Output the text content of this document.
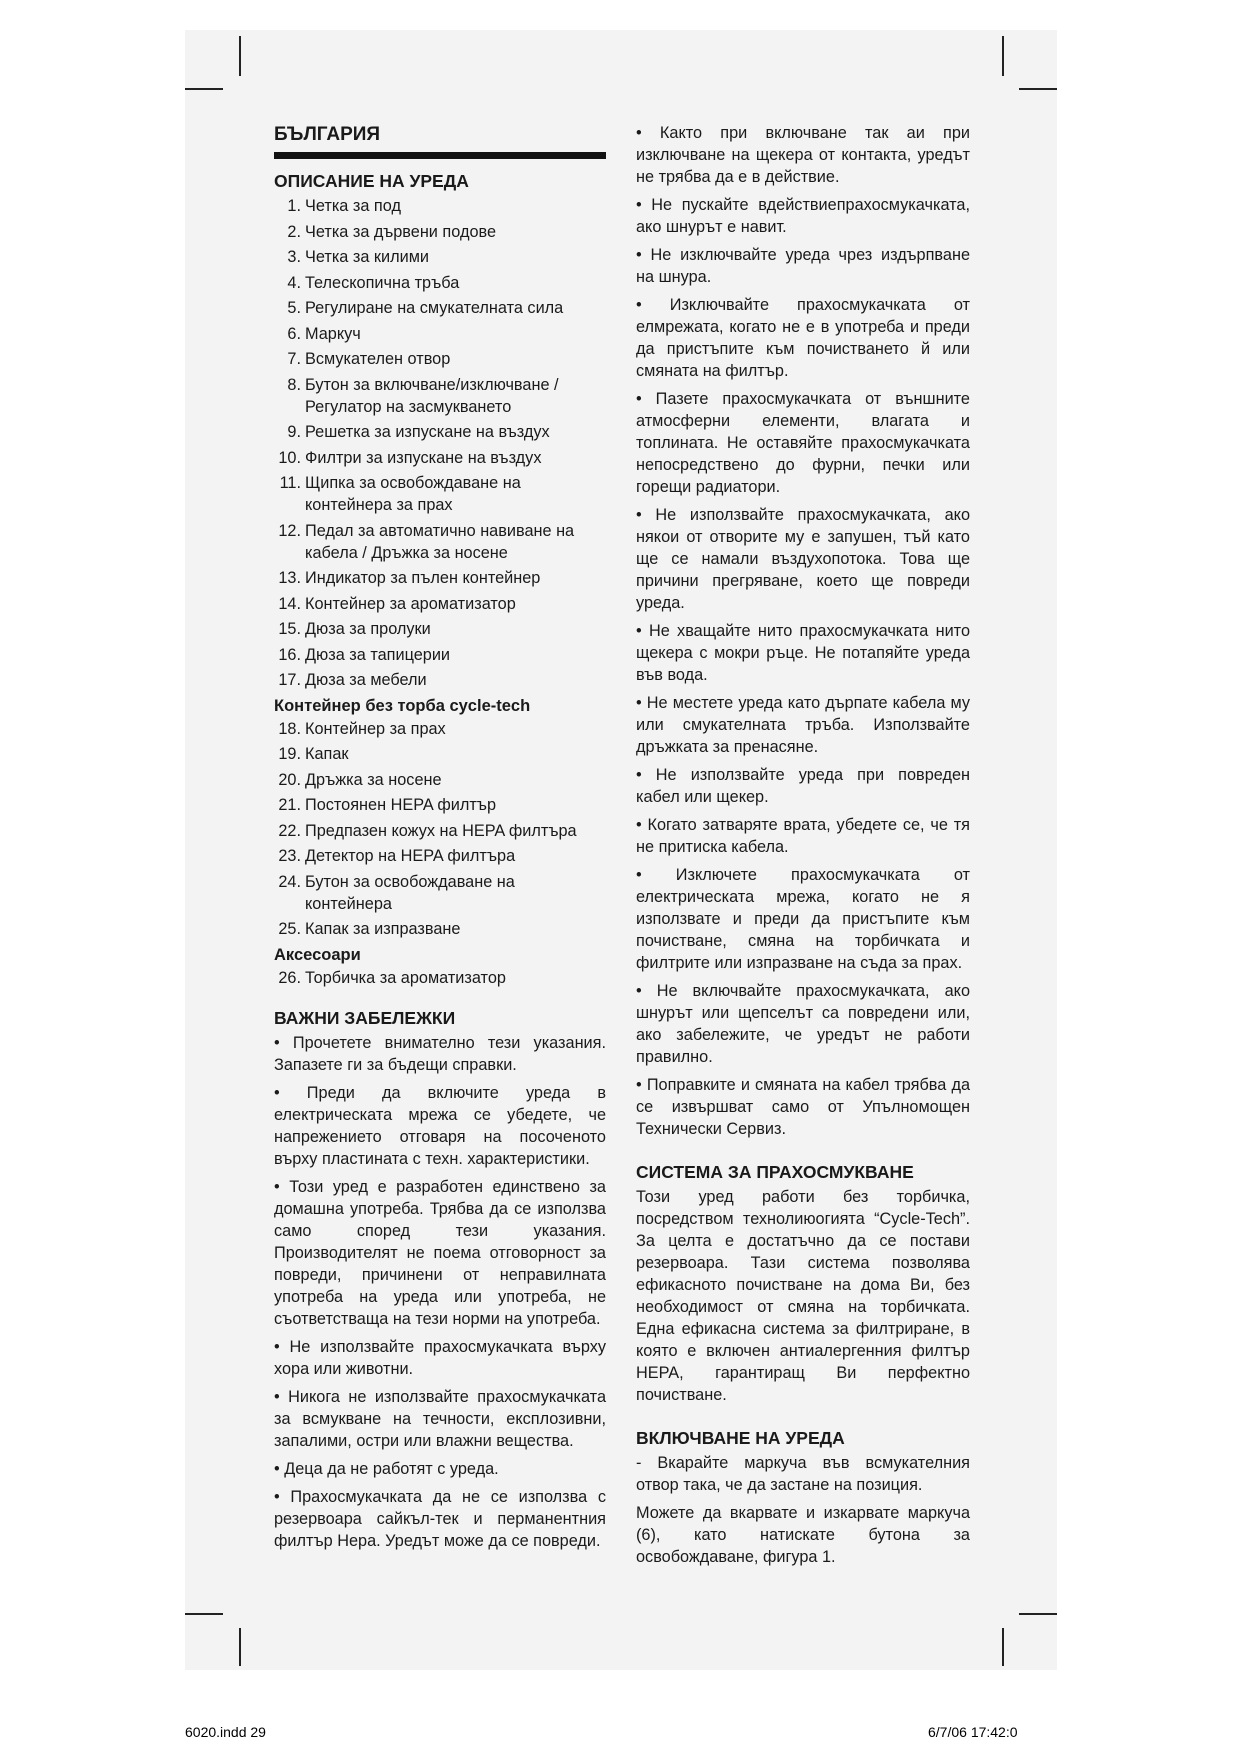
БЪЛГАРИЯ
ОПИСАНИЕ НА УРЕДА
1. Четка за под
2. Четка за дървени подове
3. Четка за килими
4. Телескопична тръба
5. Регулиране на смукателната сила
6. Маркуч
7. Всмукателен отвор
8. Бутон за включване/изключване / Регулатор на засмукването
9. Решетка за изпускане на въздух
10. Филтри за изпускане на въздух
11. Щипка за освобождаване на контейнера за прах
12. Педал за автоматично навиване на кабела / Дръжка за носене
13. Индикатор за пълен контейнер
14. Контейнер за ароматизатор
15. Дюза за пролуки
16. Дюза за тапицерии
17. Дюза за мебели
Контейнер без торба cycle-tech
18. Контейнер за прах
19. Капак
20. Дръжка за носене
21. Постоянен HEPA филтър
22. Предпазен кожух на HEPA филтъра
23. Детектор на HEPA филтъра
24. Бутон за освобождаване на контейнера
25. Капак за изпразване
Аксесоари
26. Торбичка за ароматизатор
ВАЖНИ ЗАБЕЛЕЖКИ
• Прочетете внимателно тези указания. Запазете ги за бъдещи справки.
• Преди да включите уреда в електрическата мрежа се убедете, че напрежението отговаря на посоченото върху пластината с техн. характеристики.
• Този уред е разработен единствено за домашна употреба. Трябва да се използва само според тези указания. Производителят не поема отговорност за повреди, причинени от неправилната употреба на уреда или употреба, не съответстваща на тези норми на употреба.
• Не използвайте прахосмукачката върху хора или животни.
• Никога не използвайте прахосмукачката за всмукване на течности, експлозивни, запалими, остри или влажни вещества.
• Деца да не работят с уреда.
• Прахосмукачката да не се използва с резервоара сайкъл-тек и перманентния филтър Hepa. Уредът може да се повреди.
• Както при включване так аи при изключване на щекера от контакта, уредът не трябва да е в действие.
• Не пускайте вдействиепрахосмукачката, ако шнурът е навит.
• Не изключвайте уреда чрез издърпване на шнура.
• Изключвайте прахосмукачката от елмрежата, когато не е в употреба и преди да пристъпите към почистването й или смяната на филтър.
• Пазете прахосмукачката от външните атмосферни елементи, влагата и топлината. Не оставяйте прахосмукачката непосредствено до фурни, печки или горещи радиатори.
• Не използвайте прахосмукачката, ако някои от отворите му е запушен, тъй като ще се намали въздухопотока. Това ще причини прегряване, което ще повреди уреда.
• Не хващайте нито прахосмукачката нито щекера с мокри ръце. Не потапяйте уреда във вода.
• Не местете уреда като дърпате кабела му или смукателната тръба. Използвайте дръжката за пренасяне.
• Не използвайте уреда при повреден кабел или щекер.
• Когато затваряте врата, убедете се, че тя не притиска кабела.
• Изключете прахосмукачката от електрическата мрежа, когато не я използвате и преди да пристъпите към почистване, смяна на торбичката и филтрите или изпразване на съда за прах.
• Не включвайте прахосмукачката, ако шнурът или щепселът са повредени или, ако забележите, че уредът не работи правилно.
• Поправките и смяната на кабел трябва да се извършват само от Упълномощен Технически Сервиз.
СИСТЕМА ЗА ПРАХОСМУКВАНЕ
Този уред работи без торбичка, посредством технолиюогията “Cycle-Tech”. За целта е достатъчно да се постави резервоара. Тази система позволява ефикасното почистване на дома Ви, без необходимост от смяна на торбичката. Една ефикасна система за филтриране, в която е включен антиалергенния филтър HEPA, гарантиращ Ви перфектно почистване.
ВКЛЮЧВАНЕ НА УРЕДА
- Вкарайте маркуча във всмукателния отвор така, че да застане на позиция.
Можете да вкарвате и изкарвате маркуча (6), като натискате бутона за освобождаване, фигура 1.
6020.indd 29	6/7/06 17:42:0
